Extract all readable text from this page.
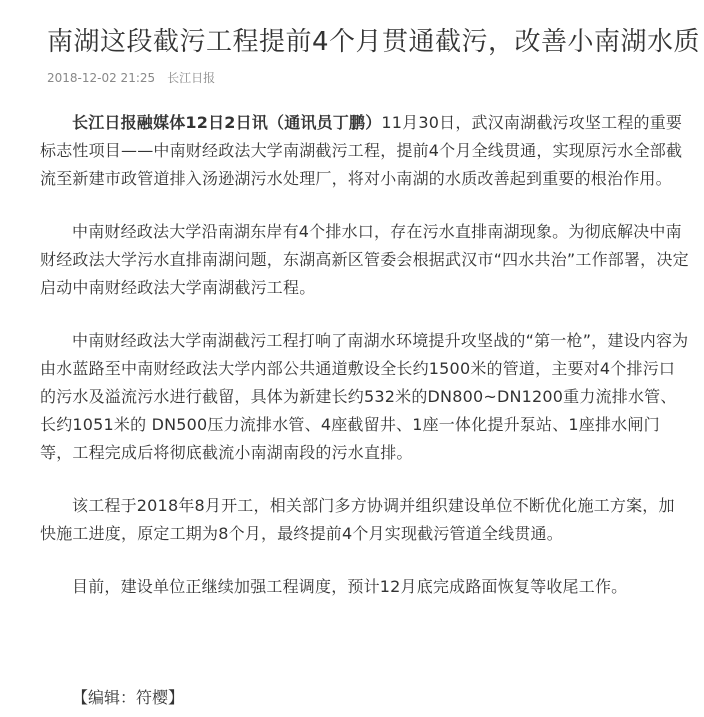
南湖这段截污工程提前4个月贯通截污，改善小南湖水质
2018-12-02 21:25 长江日报

长江日报融媒体12日2日讯（通讯员丁鹏）11月30日，武汉南湖截污攻坚工程的重要标志性项目——中南财经政法大学南湖截污工程，提前4个月全线贯通，实现原污水全部截流至新建市政管道排入汤逊湖污水处理厂，将对小南湖的水质改善起到重要的根治作用。

中南财经政法大学沿南湖东岸有4个排水口，存在污水直排南湖现象。为彻底解决中南财经政法大学污水直排南湖问题，东湖高新区管委会根据武汉市“四水共治”工作部署，决定启动中南财经政法大学南湖截污工程。

中南财经政法大学南湖截污工程打响了南湖水环境提升攻坚战的“第一枪”，建设内容为由水蓝路至中南财经政法大学内部公共通道敷设全长约1500米的管道，主要对4个排污口的污水及溢流污水进行截留，具体为新建长约532米的DN800~DN1200重力流排水管、长约1051米的 DN500压力流排水管、4座截留井、1座一体化提升泵站、1座排水闸门等，工程完成后将彻底截流小南湖南段的污水直排。

该工程于2018年8月开工，相关部门多方协调并组织建设单位不断优化施工方案，加快施工进度，原定工期为8个月，最终提前4个月实现截污管道全线贯通。

目前，建设单位正继续加强工程调度，预计12月底完成路面恢复等收尾工作。

【编辑：符樱】
